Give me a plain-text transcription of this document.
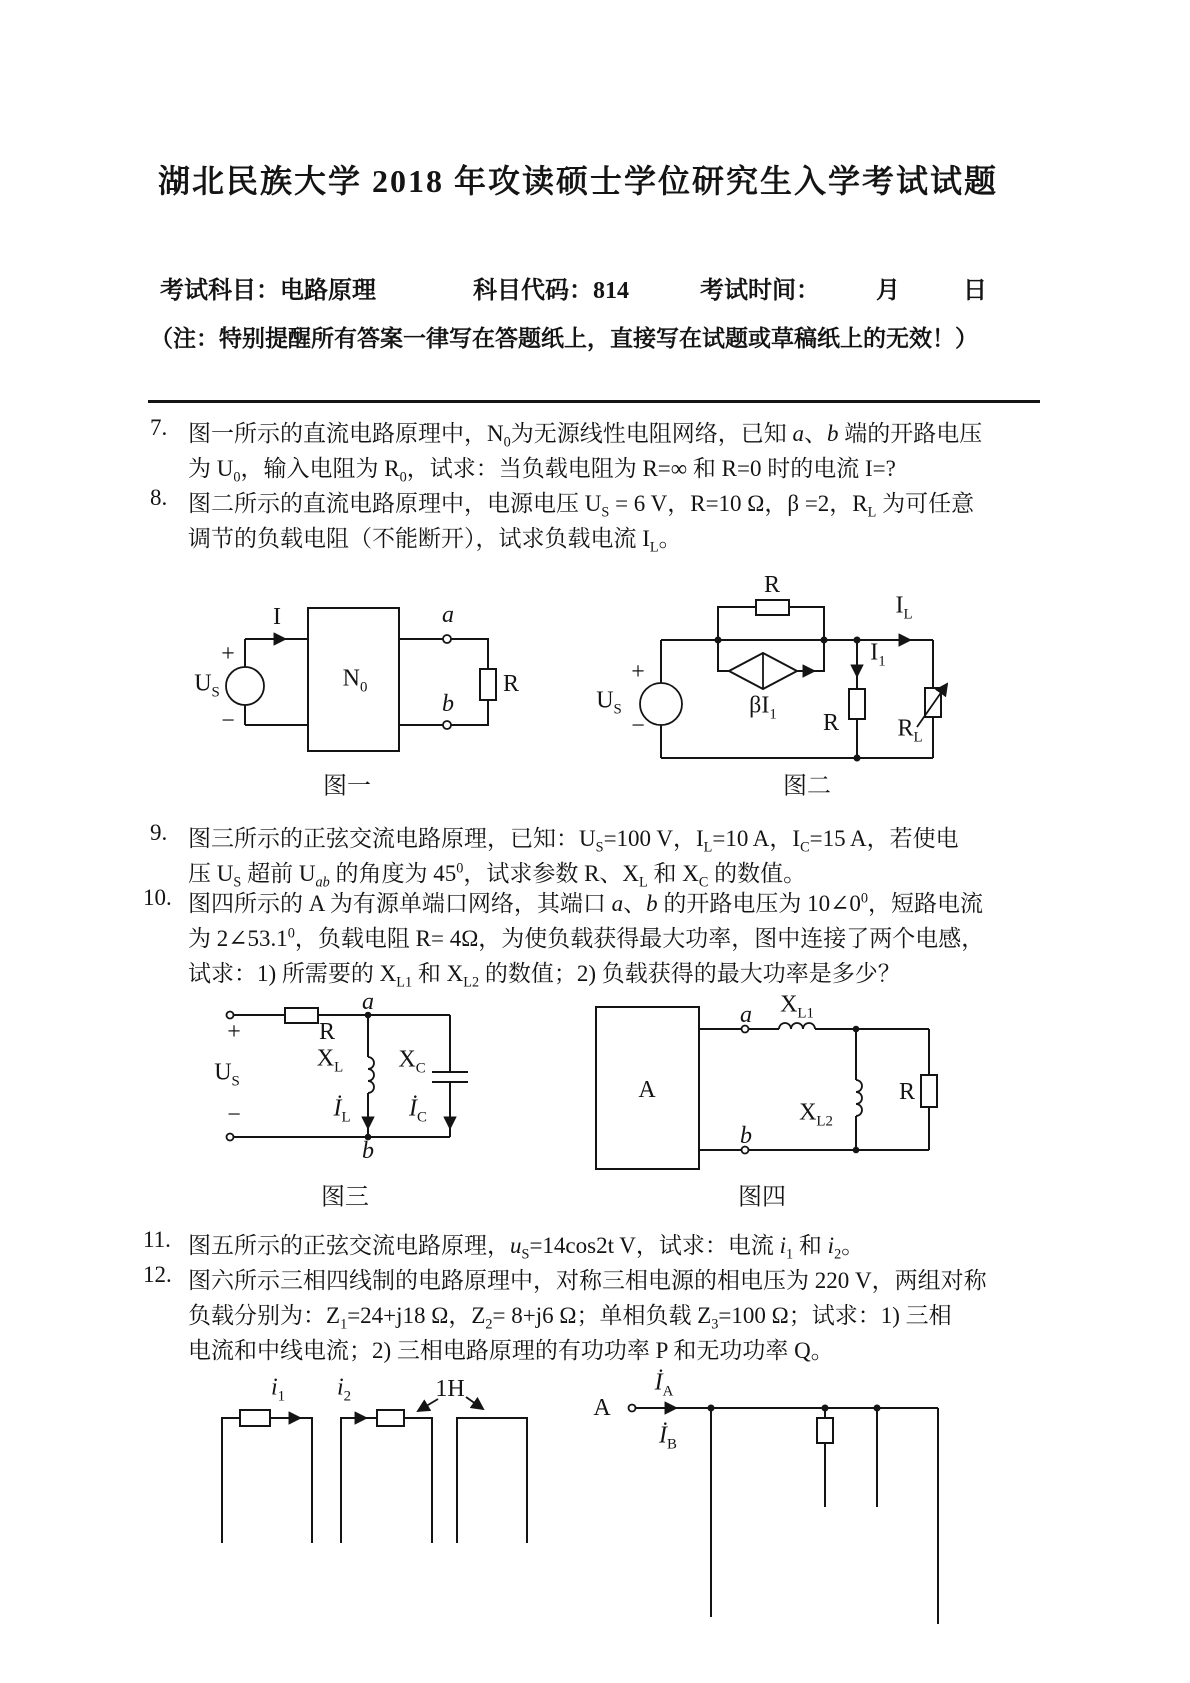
湖北民族大学 2018 年攻读硕士学位研究生入学考试试题
考试科目：电路原理	科目代码：814	考试时间： 月	日
（注：特别提醒所有答案一律写在答题纸上，直接写在试题或草稿纸上的无效！）
7. 图一所示的直流电路原理中，$N_0$为无源线性电阻网络，已知 a、b 端的开路电压
为 $U_0$，输入电阻为 $R_0$，试求：当负载电阻为 R=∞ 和 R=0 时的电流 I=?
8. 图二所示的直流电路原理中，电源电压 $U_S = 6$ V，R=10 Ω，β =2，$R_L$ 为可任意
调节的负载电阻（不能断开），试求负载电流 $I_L$。
I
+
$U_S$
−
$N_0$
a
b
R
图一
R
$I_L$
$I_1$
+
$U_S$
−
$\beta I_1$ R $R_L$
图二
9. 图三所示的正弦交流电路原理，已知：$U_S=100$ V，$I_L=10$ A，$I_C=15$ A，若使电
压 $U_S$ 超前 $U_{ab}$ 的角度为 $45^0$，试求参数 R、$X_L$ 和 $X_C$ 的数值。
10. 图四所示的 A 为有源单端口网络，其端口 a、b 的开路电压为 $10\angle 0^0$，短路电流
为 2∠53.1$^0$，负载电阻 R= 4Ω，为使负载获得最大功率，图中连接了两个电感，
试求：1) 所需要的 $X_{L1}$ 和 $X_{L2}$ 的数值；2) 负载获得的最大功率是多少？
a
R
+
$U_S$
−
$X_L$ $X_C$
$İ_L$ $İ_C$
b
图三
A
a $X_{L1}$
$X_{L2}$
R
b
图四
11. 图五所示的正弦交流电路原理，$u_S=14\cos 2t$ V，试求：电流 $i_1$ 和 $i_2$。
12. 图六所示三相四线制的电路原理中，对称三相电源的相电压为 220 V，两组对称
负载分别为：$Z_1=24+j18$ Ω，$Z_2= 8+j6$ Ω；单相负载 $Z_3=100$ Ω；试求：1) 三相
电流和中线电流；2) 三相电路原理的有功功率 P 和无功功率 Q。
$i_1$ $i_2$	1H
A
$İ_A$
$İ_B$
